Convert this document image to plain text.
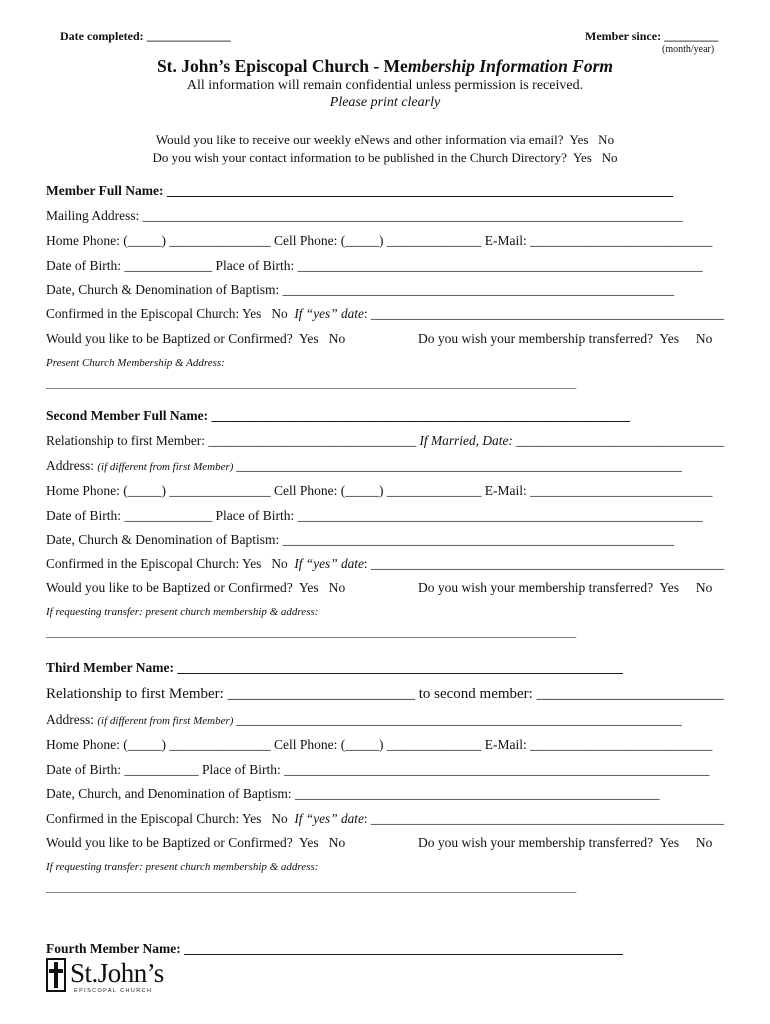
Date completed: ______________	Member since: _________
(month/year)
St. John’s Episcopal Church - Membership Information Form
All information will remain confidential unless permission is received.
Please print clearly
Would you like to receive our weekly eNews and other information via email?  Yes   No
Do you wish your contact information to be published in the Church Directory?  Yes   No
Member Full Name: ___________________________________________________________________________
Mailing Address: ________________________________________________________________________________
Home Phone: (_____) _______________ Cell Phone: (_____) ______________ E-Mail: ___________________________
Date of Birth: _____________ Place of Birth: ____________________________________________________________
Date, Church & Denomination of Baptism: __________________________________________________________
Confirmed in the Episcopal Church: Yes   No  If “yes” date: _____________________________________________________
Would you like to be Baptized or Confirmed?  Yes   No	Do you wish your membership transferred?  Yes     No
Present Church Membership & Address:
____________________________________________________________________________________________________
Second Member Full Name: ______________________________________________________________
Relationship to first Member: _______________________________ If Married, Date: _______________________________
Address: (if different from first Member) __________________________________________________________________
Home Phone: (_____) _______________ Cell Phone: (_____) ______________ E-Mail: ___________________________
Date of Birth: _____________ Place of Birth: ____________________________________________________________
Date, Church & Denomination of Baptism: __________________________________________________________
Confirmed in the Episcopal Church: Yes   No  If “yes” date: _____________________________________________________
Would you like to be Baptized or Confirmed?  Yes   No	Do you wish your membership transferred?  Yes     No
If requesting transfer: present church membership & address:
____________________________________________________________________________________________________
Third Member Name: __________________________________________________________________
Relationship to first Member: _________________________ to second member: _________________________
Address: (if different from first Member) __________________________________________________________________
Home Phone: (_____) _______________ Cell Phone: (_____) ______________ E-Mail: ___________________________
Date of Birth: ___________ Place of Birth: _______________________________________________________________
Date, Church, and Denomination of Baptism: ______________________________________________________
Confirmed in the Episcopal Church: Yes   No  If “yes” date: _____________________________________________________
Would you like to be Baptized or Confirmed?  Yes   No	Do you wish your membership transferred?  Yes     No
If requesting transfer: present church membership & address:
____________________________________________________________________________________________________
Fourth Member Name: _________________________________________________________________
St.John’s
EPISCOPAL CHURCH
